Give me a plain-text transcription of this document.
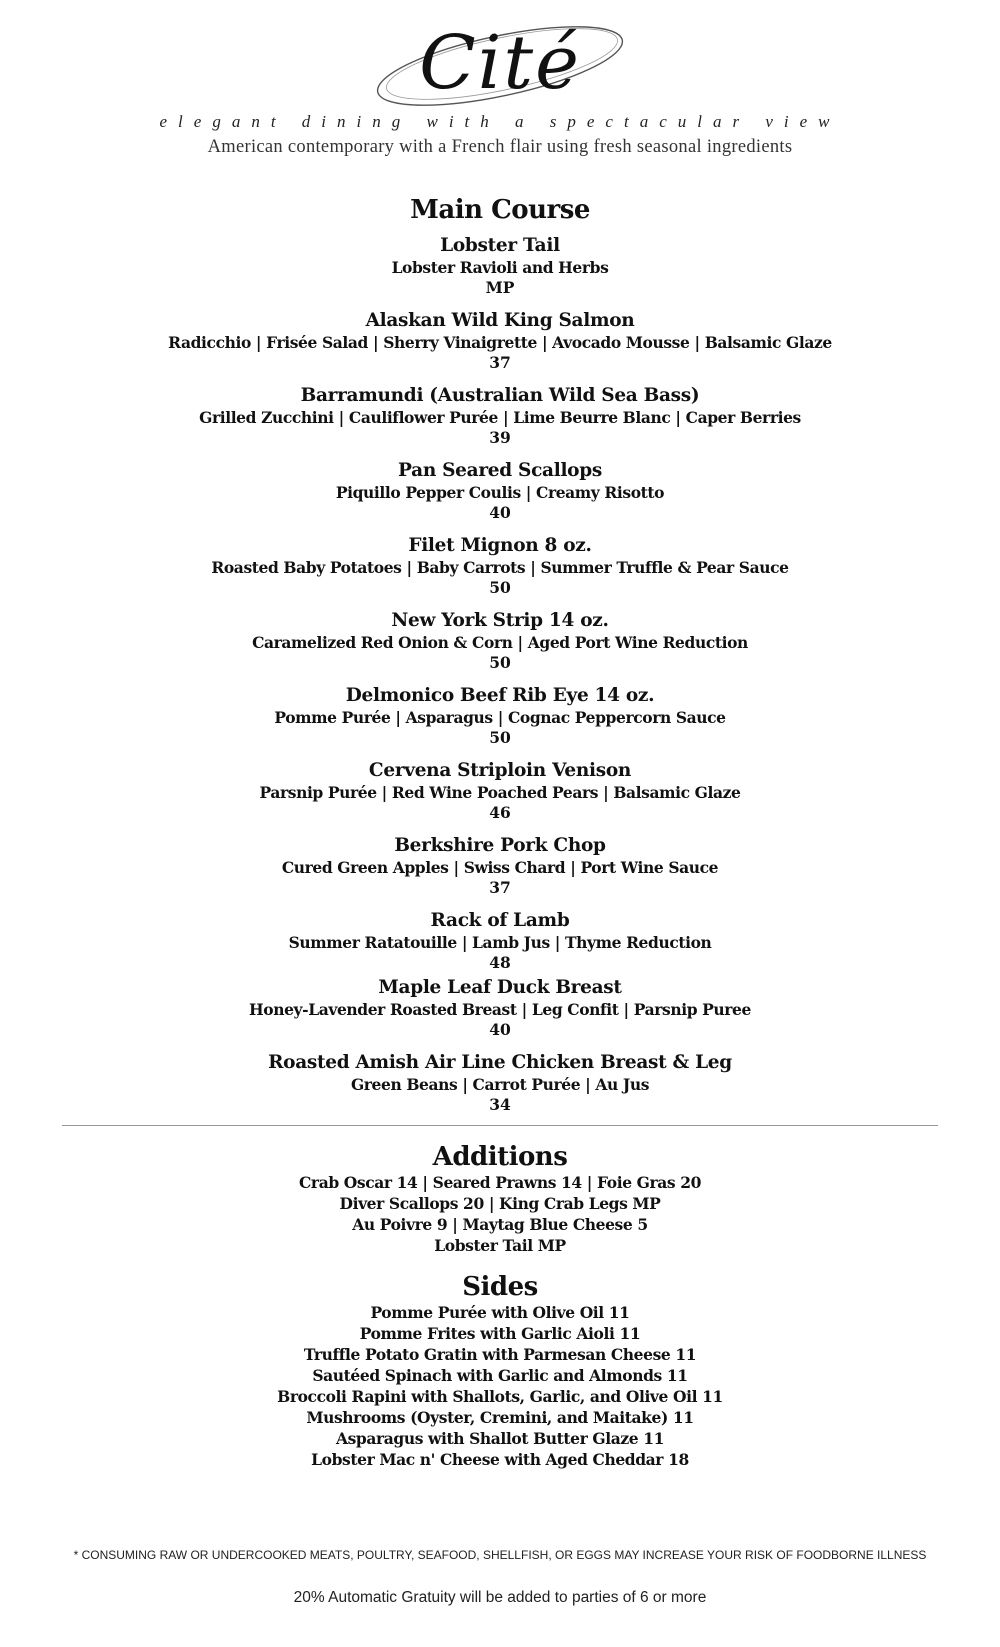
Cité
elegant dining with a spectacular view
American contemporary with a French flair using fresh seasonal ingredients
Main Course
Lobster Tail
Lobster Ravioli and Herbs
MP
Alaskan Wild King Salmon
Radicchio | Frisée Salad | Sherry Vinaigrette | Avocado Mousse | Balsamic Glaze
37
Barramundi (Australian Wild Sea Bass)
Grilled Zucchini | Cauliflower Purée | Lime Beurre Blanc | Caper Berries
39
Pan Seared Scallops
Piquillo Pepper Coulis | Creamy Risotto
40
Filet Mignon 8 oz.
Roasted Baby Potatoes | Baby Carrots | Summer Truffle & Pear Sauce
50
New York Strip 14 oz.
Caramelized Red Onion & Corn | Aged Port Wine Reduction
50
Delmonico Beef Rib Eye 14 oz.
Pomme Purée | Asparagus | Cognac Peppercorn Sauce
50
Cervena Striploin Venison
Parsnip Purée | Red Wine Poached Pears | Balsamic Glaze
46
Berkshire Pork Chop
Cured Green Apples | Swiss Chard | Port Wine Sauce
37
Rack of Lamb
Summer Ratatouille | Lamb Jus | Thyme Reduction
48
Maple Leaf Duck Breast
Honey-Lavender Roasted Breast | Leg Confit | Parsnip Puree
40
Roasted Amish Air Line Chicken Breast & Leg
Green Beans | Carrot Purée | Au Jus
34
Additions
Crab Oscar 14 | Seared Prawns 14 | Foie Gras 20
Diver Scallops 20 | King Crab Legs MP
Au Poivre 9 | Maytag Blue Cheese 5
Lobster Tail MP
Sides
Pomme Purée with Olive Oil 11
Pomme Frites with Garlic Aioli 11
Truffle Potato Gratin with Parmesan Cheese 11
Sautéed Spinach with Garlic and Almonds 11
Broccoli Rapini with Shallots, Garlic, and Olive Oil 11
Mushrooms (Oyster, Cremini, and Maitake) 11
Asparagus with Shallot Butter Glaze 11
Lobster Mac n' Cheese with Aged Cheddar 18
* CONSUMING RAW OR UNDERCOOKED MEATS, POULTRY, SEAFOOD, SHELLFISH, OR EGGS MAY INCREASE YOUR RISK OF FOODBORNE ILLNESS
20% Automatic Gratuity will be added to parties of 6 or more
